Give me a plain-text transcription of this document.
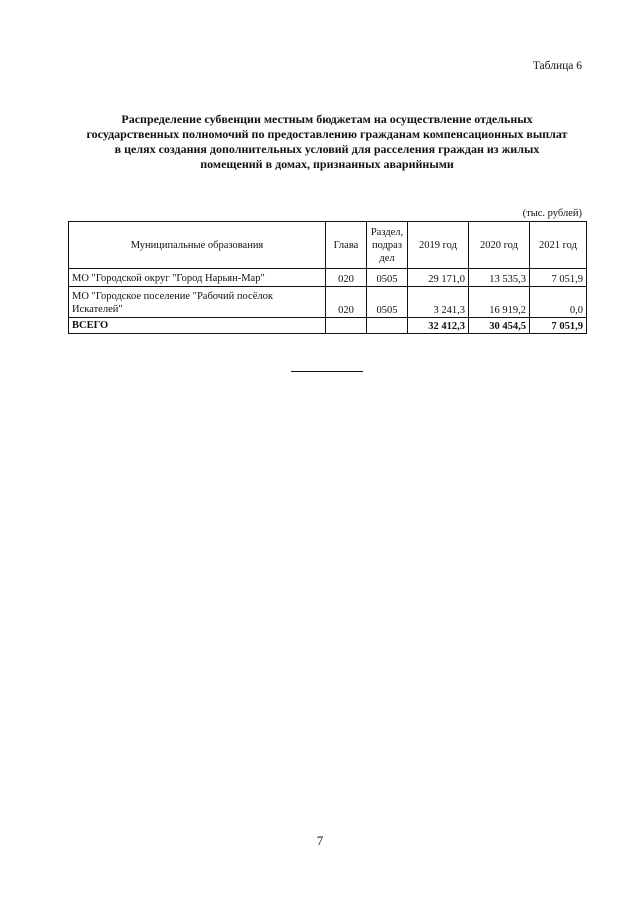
Таблица 6
Распределение субвенции местным бюджетам на осуществление отдельных
государственных полномочий по предоставлению гражданам компенсационных выплат
в целях создания дополнительных условий для расселения граждан из жилых
помещений в домах, признанных аварийными
(тыс. рублей)
Муниципальные образования	Глава	Раздел,
подраз
дел	2019 год	2020 год	2021 год
МО "Городской округ "Город Нарьян-Мар"	020	0505	29 171,0	13 535,3	7 051,9
МО "Городское поселение "Рабочий посёлок
Искателей"	020	0505	3 241,3	16 919,2	0,0
ВСЕГО			32 412,3	30 454,5	7 051,9
7
